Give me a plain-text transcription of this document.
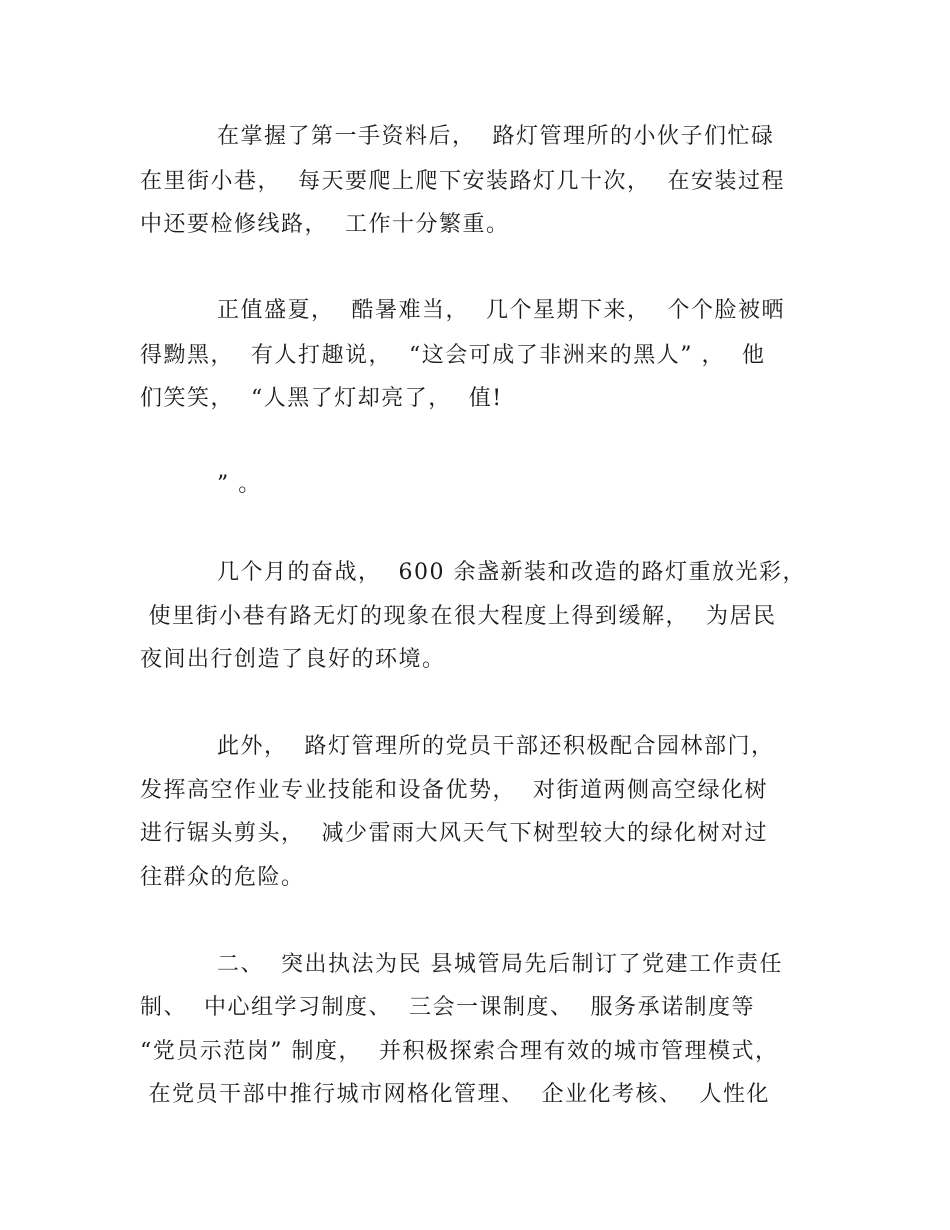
在掌握了第一手资料后，  路灯管理所的小伙子们忙碌
在里街小巷，  每天要爬上爬下安装路灯几十次，  在安装过程
中还要检修线路，  工作十分繁重。
正值盛夏，  酷暑难当，  几个星期下来，  个个脸被晒
得黝黑，  有人打趣说，  “这会可成了非洲来的黑人” ，  他
们笑笑，  “人黑了灯却亮了，  值!
” 。
几个月的奋战，  600 余盏新装和改造的路灯重放光彩，
使里街小巷有路无灯的现象在很大程度上得到缓解，  为居民
夜间出行创造了良好的环境。
此外，  路灯管理所的党员干部还积极配合园林部门，
发挥高空作业专业技能和设备优势，  对街道两侧高空绿化树
进行锯头剪头，  减少雷雨大风天气下树型较大的绿化树对过
往群众的危险。
二、  突出执法为民 县城管局先后制订了党建工作责任
制、  中心组学习制度、  三会一课制度、  服务承诺制度等
“党员示范岗” 制度，  并积极探索合理有效的城市管理模式，
在党员干部中推行城市网格化管理、  企业化考核、  人性化
